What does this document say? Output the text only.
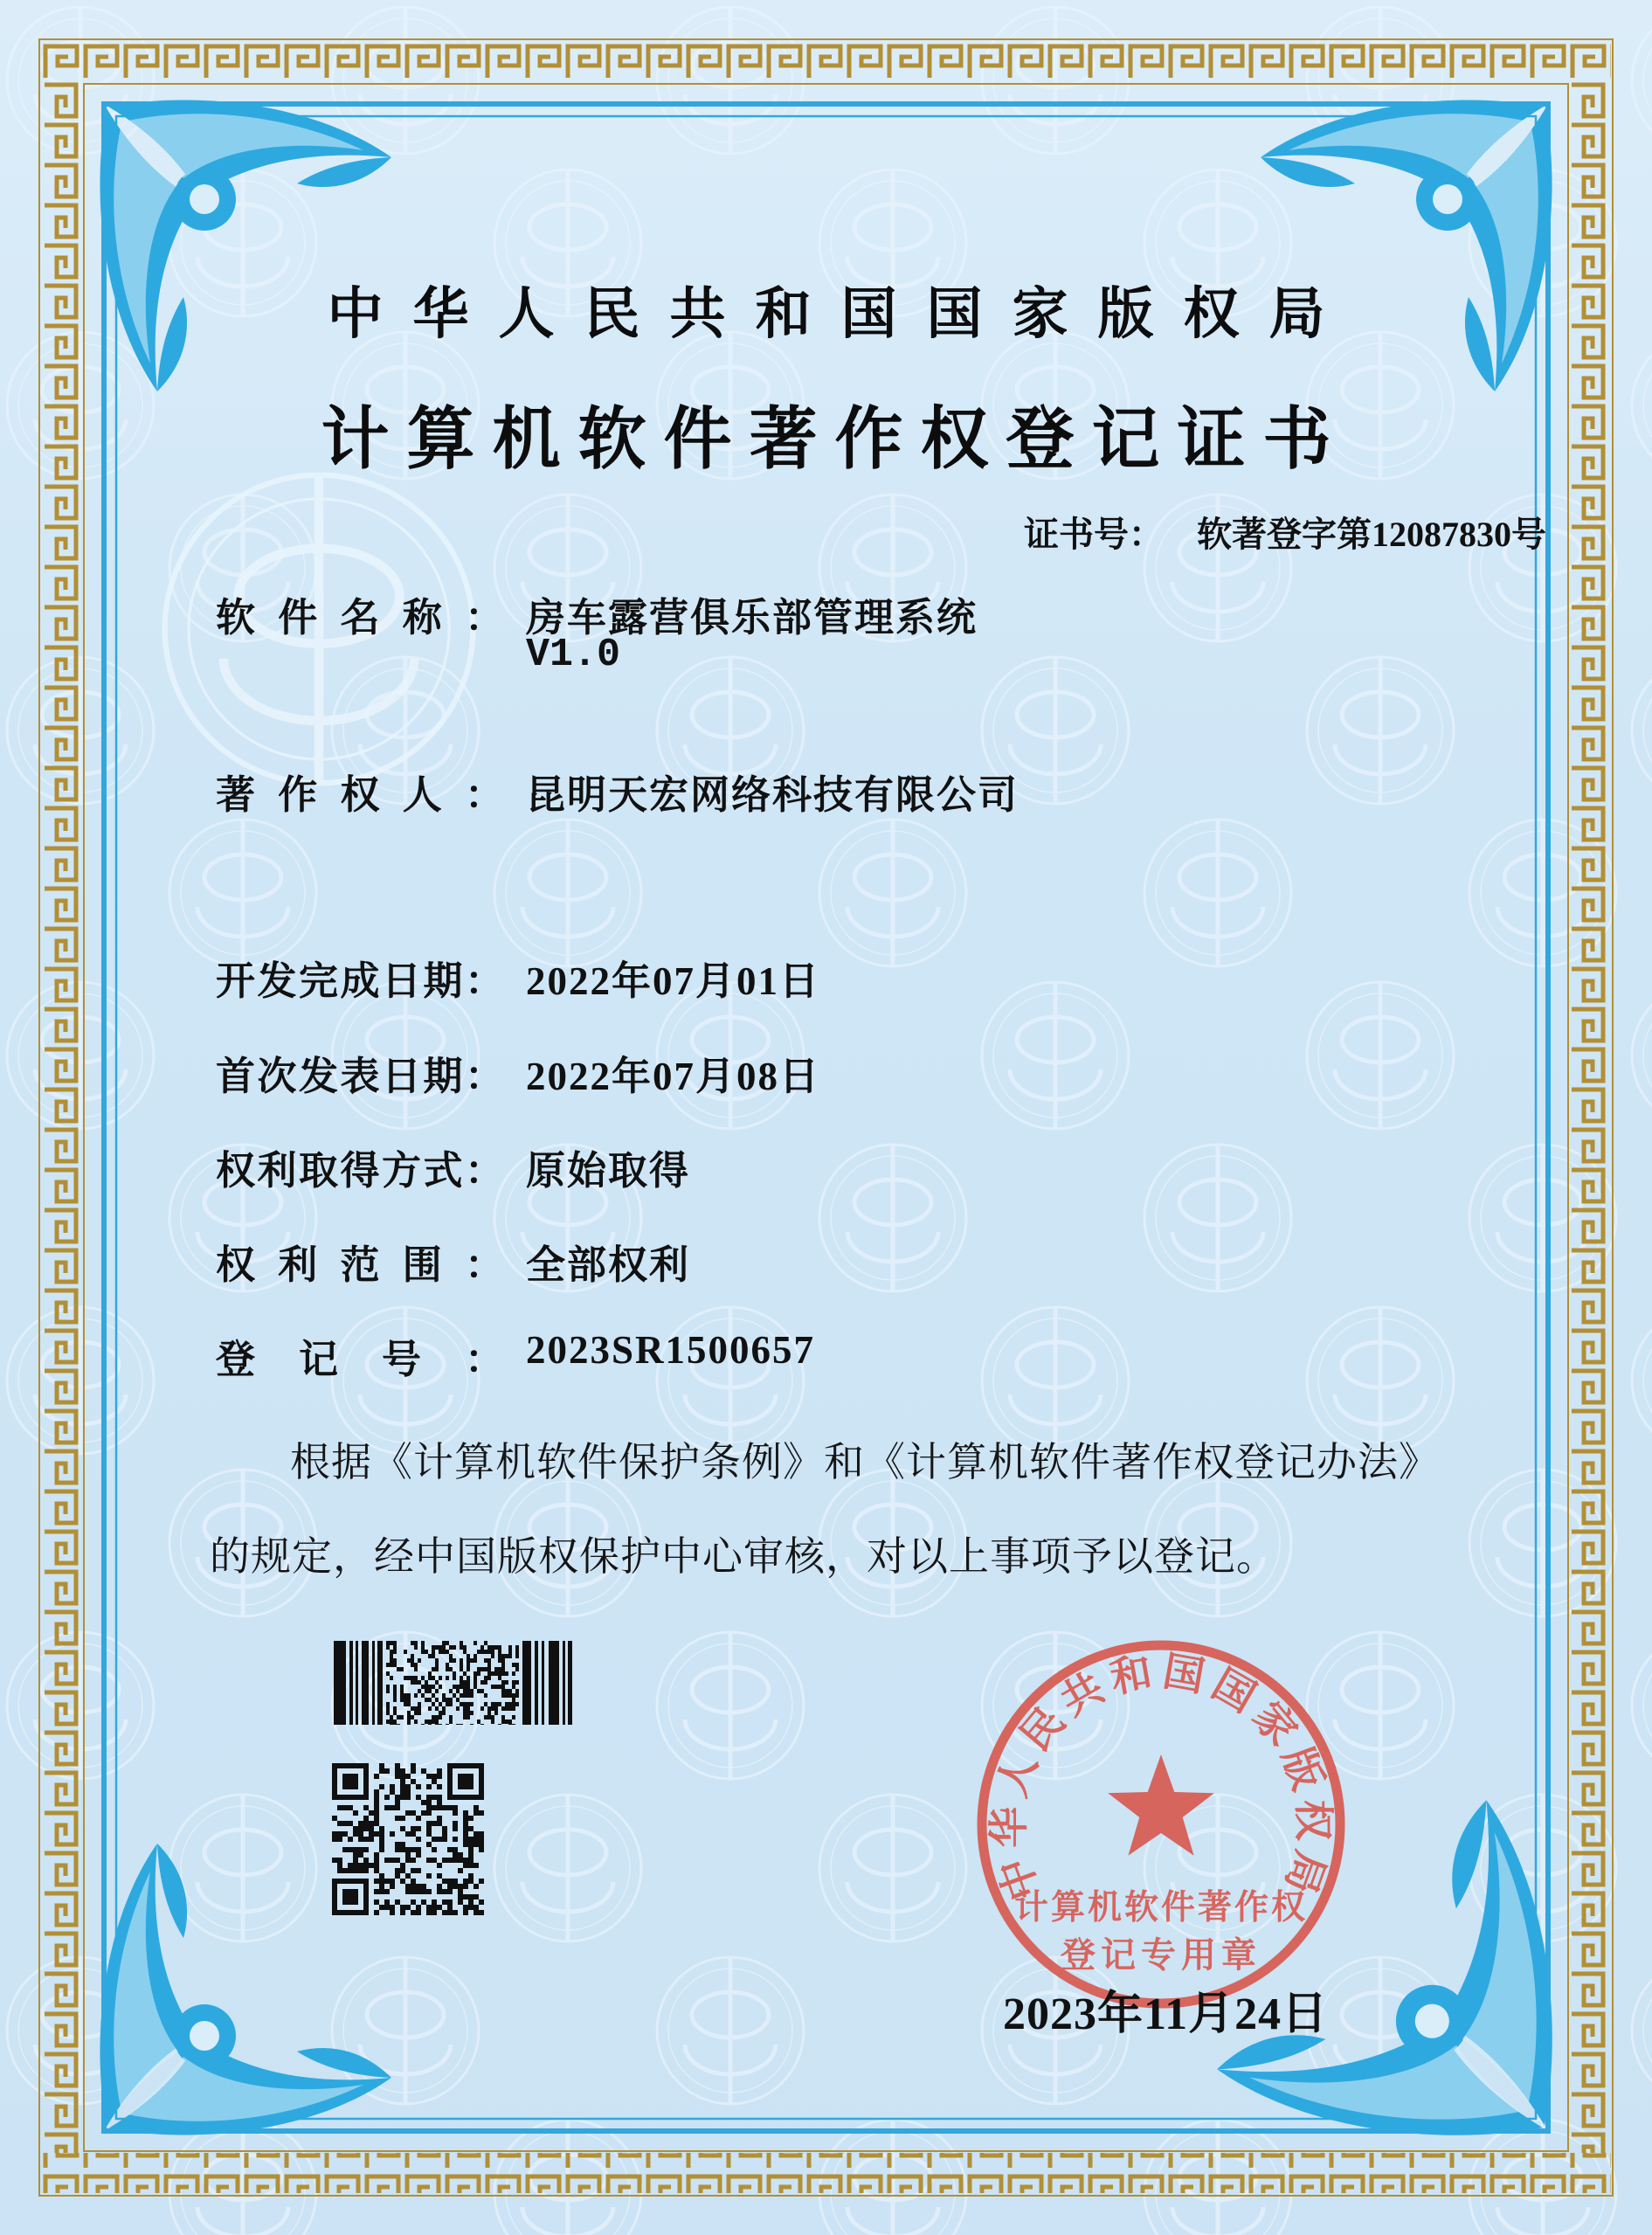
中华人民共和国国家版权局
计算机软件著作权登记证书
证书号： 软著登字第12087830号
软件名称： 房车露营俱乐部管理系统
V1.0
著作权人： 昆明天宏网络科技有限公司
开发完成日期： 2022年07月01日
首次发表日期： 2022年07月08日
权利取得方式： 原始取得
权利范围： 全部权利
登记号： 2023SR1500657
根据《计算机软件保护条例》和《计算机软件著作权登记办法》的规定，经中国版权保护中心审核，对以上事项予以登记。
中华人民共和国国家版权局
计算机软件著作权
登记专用章
2023年11月24日
